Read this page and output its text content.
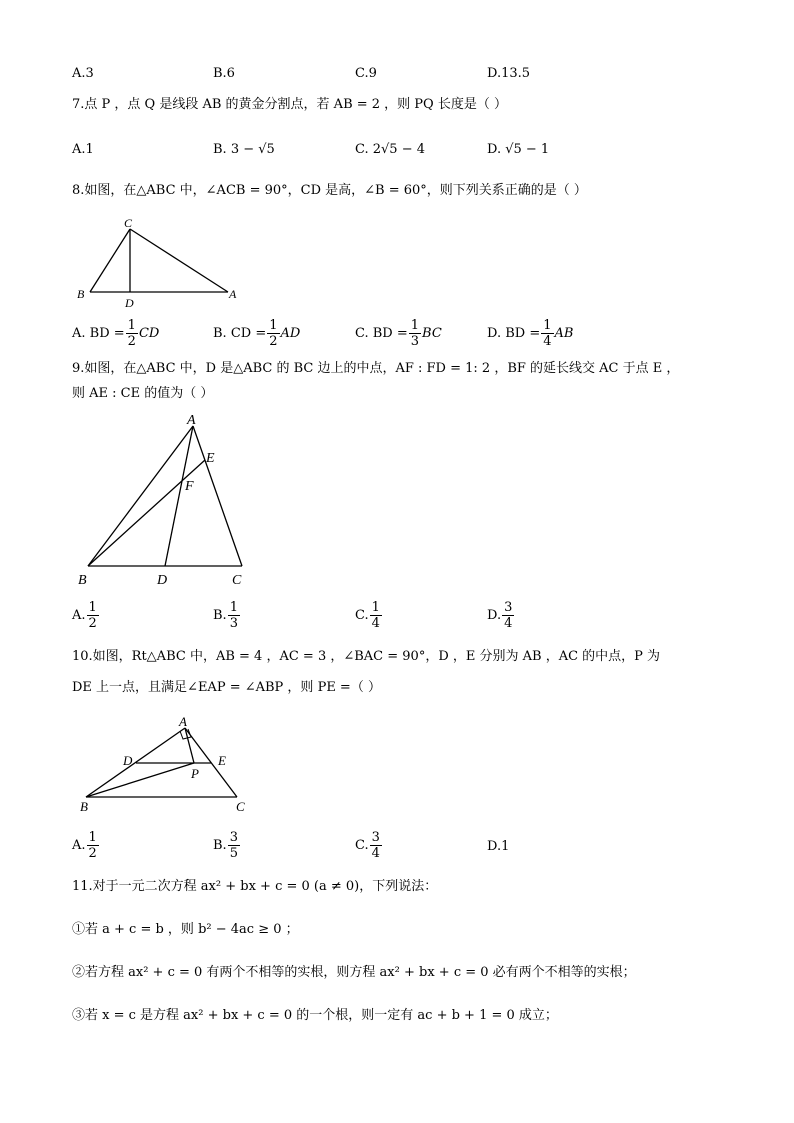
A.3	B.6	C.9	D.13.5
7.点 P ，点 Q 是线段 AB 的黄金分割点，若 AB = 2 ，则 PQ 长度是（ ）
A.1	B. 3 − √5	C. 2√5 − 4	D. √5 − 1
8.如图，在△ABC 中，∠ACB = 90°，CD 是高，∠B = 60°，则下列关系正确的是（ ）
C
B
D
A
A. BD = $\frac{1}{2}$ CD	B. CD = $\frac{1}{2}$ AD	C. BD = $\frac{1}{3}$ BC	D. BD = $\frac{1}{4}$ AB
9.如图，在△ABC 中，D 是△ABC 的 BC 边上的中点，AF : FD = 1: 2 ，BF 的延长线交 AC 于点 E ，
则 AE : CE 的值为（ ）
A
E
F
B	D	C
A. $\frac{1}{2}$	B. $\frac{1}{3}$	C. $\frac{1}{4}$	D. $\frac{3}{4}$
10.如图，Rt△ABC 中，AB = 4 ，AC = 3 ，∠BAC = 90°，D ，E 分别为 AB ，AC 的中点，P 为
DE 上一点，且满足∠EAP = ∠ABP ，则 PE =（ ）
A
D	E
P
B	C
A. $\frac{1}{2}$	B. $\frac{3}{5}$	C. $\frac{3}{4}$	D.1
11.对于一元二次方程 ax² + bx + c = 0 (a ≠ 0)，下列说法：
①若 a + c = b ，则 b² − 4ac ≥ 0 ；
②若方程 ax² + c = 0 有两个不相等的实根，则方程 ax² + bx + c = 0 必有两个不相等的实根；
③若 x = c 是方程 ax² + bx + c = 0 的一个根，则一定有 ac + b + 1 = 0 成立；
